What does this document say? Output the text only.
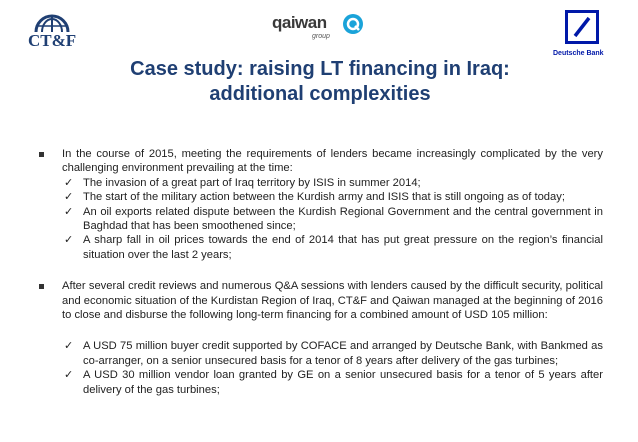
CT&F
qaiwan
group
Deutsche Bank
Case study: raising LT financing in Iraq:
additional complexities
In the course of 2015, meeting the requirements of lenders became increasingly complicated by the very challenging environment prevailing at the time:
✓ The invasion of a great part of Iraq territory by ISIS in summer 2014;
✓ The start of the military action between the Kurdish army and ISIS that is still ongoing as of today;
✓ An oil exports related dispute between the Kurdish Regional Government and the central government in Baghdad that has been smoothened since;
✓ A sharp fall in oil prices towards the end of 2014 that has put great pressure on the region’s financial situation over the last 2 years;
After several credit reviews and numerous Q&A sessions with lenders caused by the difficult security, political and economic situation of the Kurdistan Region of Iraq, CT&F and Qaiwan managed at the beginning of 2016 to close and disburse the following long-term financing for a combined amount of USD 105 million:
✓ A USD 75 million buyer credit supported by COFACE and arranged by Deutsche Bank, with Bankmed as co-arranger, on a senior unsecured basis for a tenor of 8 years after delivery of the gas turbines;
✓ A USD 30 million vendor loan granted by GE on a senior unsecured basis for a tenor of 5 years after delivery of the gas turbines;
